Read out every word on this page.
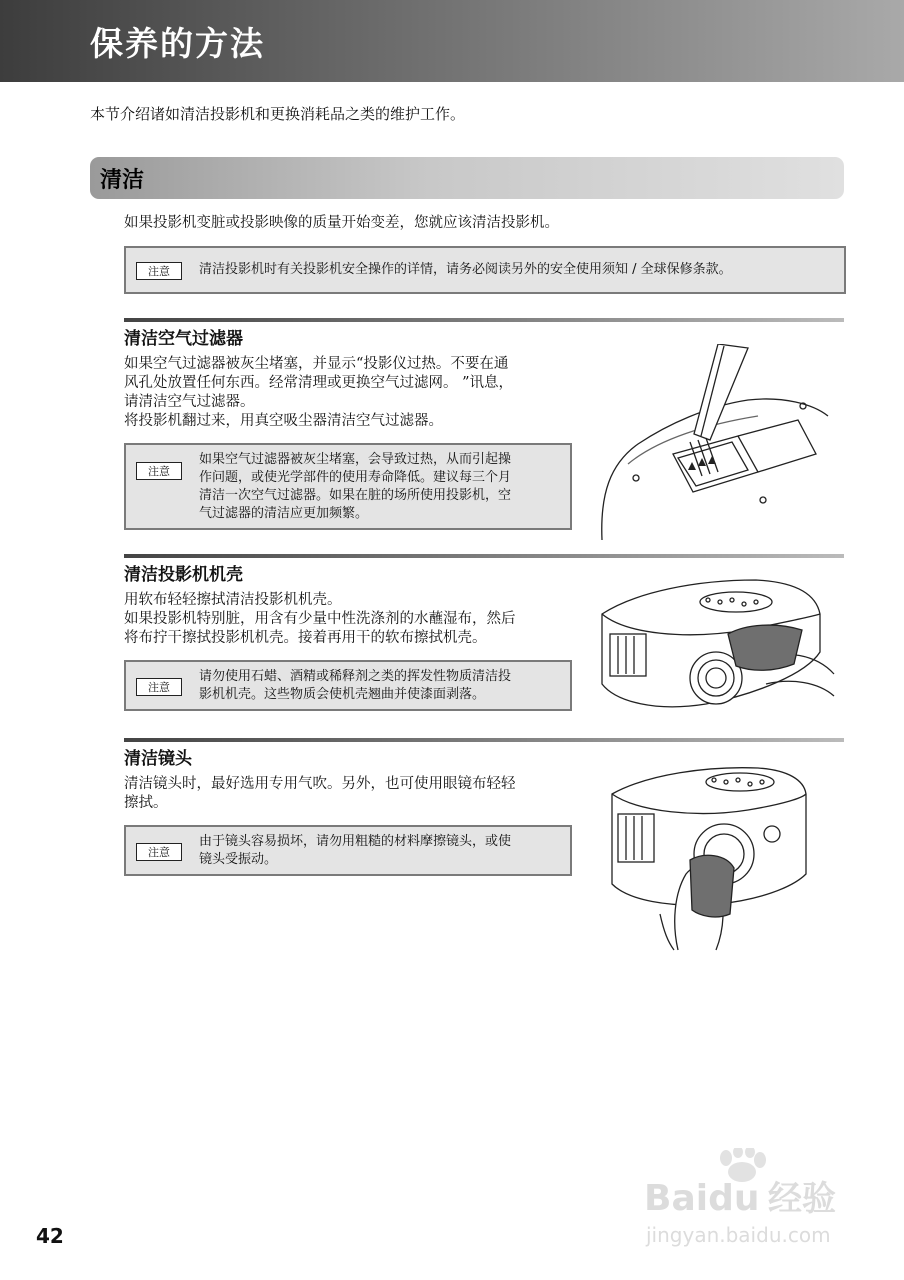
保养的方法
本节介绍诸如清洁投影机和更换消耗品之类的维护工作。
清洁
如果投影机变脏或投影映像的质量开始变差，您就应该清洁投影机。
注意	清洁投影机时有关投影机安全操作的详情，请务必阅读另外的安全使用须知 / 全球保修条款。
清洁空气过滤器

如果空气过滤器被灰尘堵塞，并显示“投影仪过热。不要在通

风孔处放置任何东西。经常清理或更换空气过滤网。 ”讯息，

请清洁空气过滤器。

将投影机翻过来，用真空吸尘器清洁空气过滤器。

注意
如果空气过滤器被灰尘堵塞，会导致过热，从而引起操
作问题，或使光学部件的使用寿命降低。建议每三个月
清洁一次空气过滤器。如果在脏的场所使用投影机，空
气过滤器的清洁应更加频繁。
清洁投影机机壳

用软布轻轻擦拭清洁投影机机壳。

如果投影机特别脏，用含有少量中性洗涤剂的水蘸湿布，然后

将布拧干擦拭投影机机壳。接着再用干的软布擦拭机壳。

注意
请勿使用石蜡、酒精或稀释剂之类的挥发性物质清洁投
影机机壳。这些物质会使机壳翘曲并使漆面剥落。
清洁镜头

清洁镜头时，最好选用专用气吹。另外，也可使用眼镜布轻轻

擦拭。

注意
由于镜头容易损坏，请勿用粗糙的材料摩擦镜头，或使
镜头受振动。
42
Baidu 经验
jingyan.baidu.com
